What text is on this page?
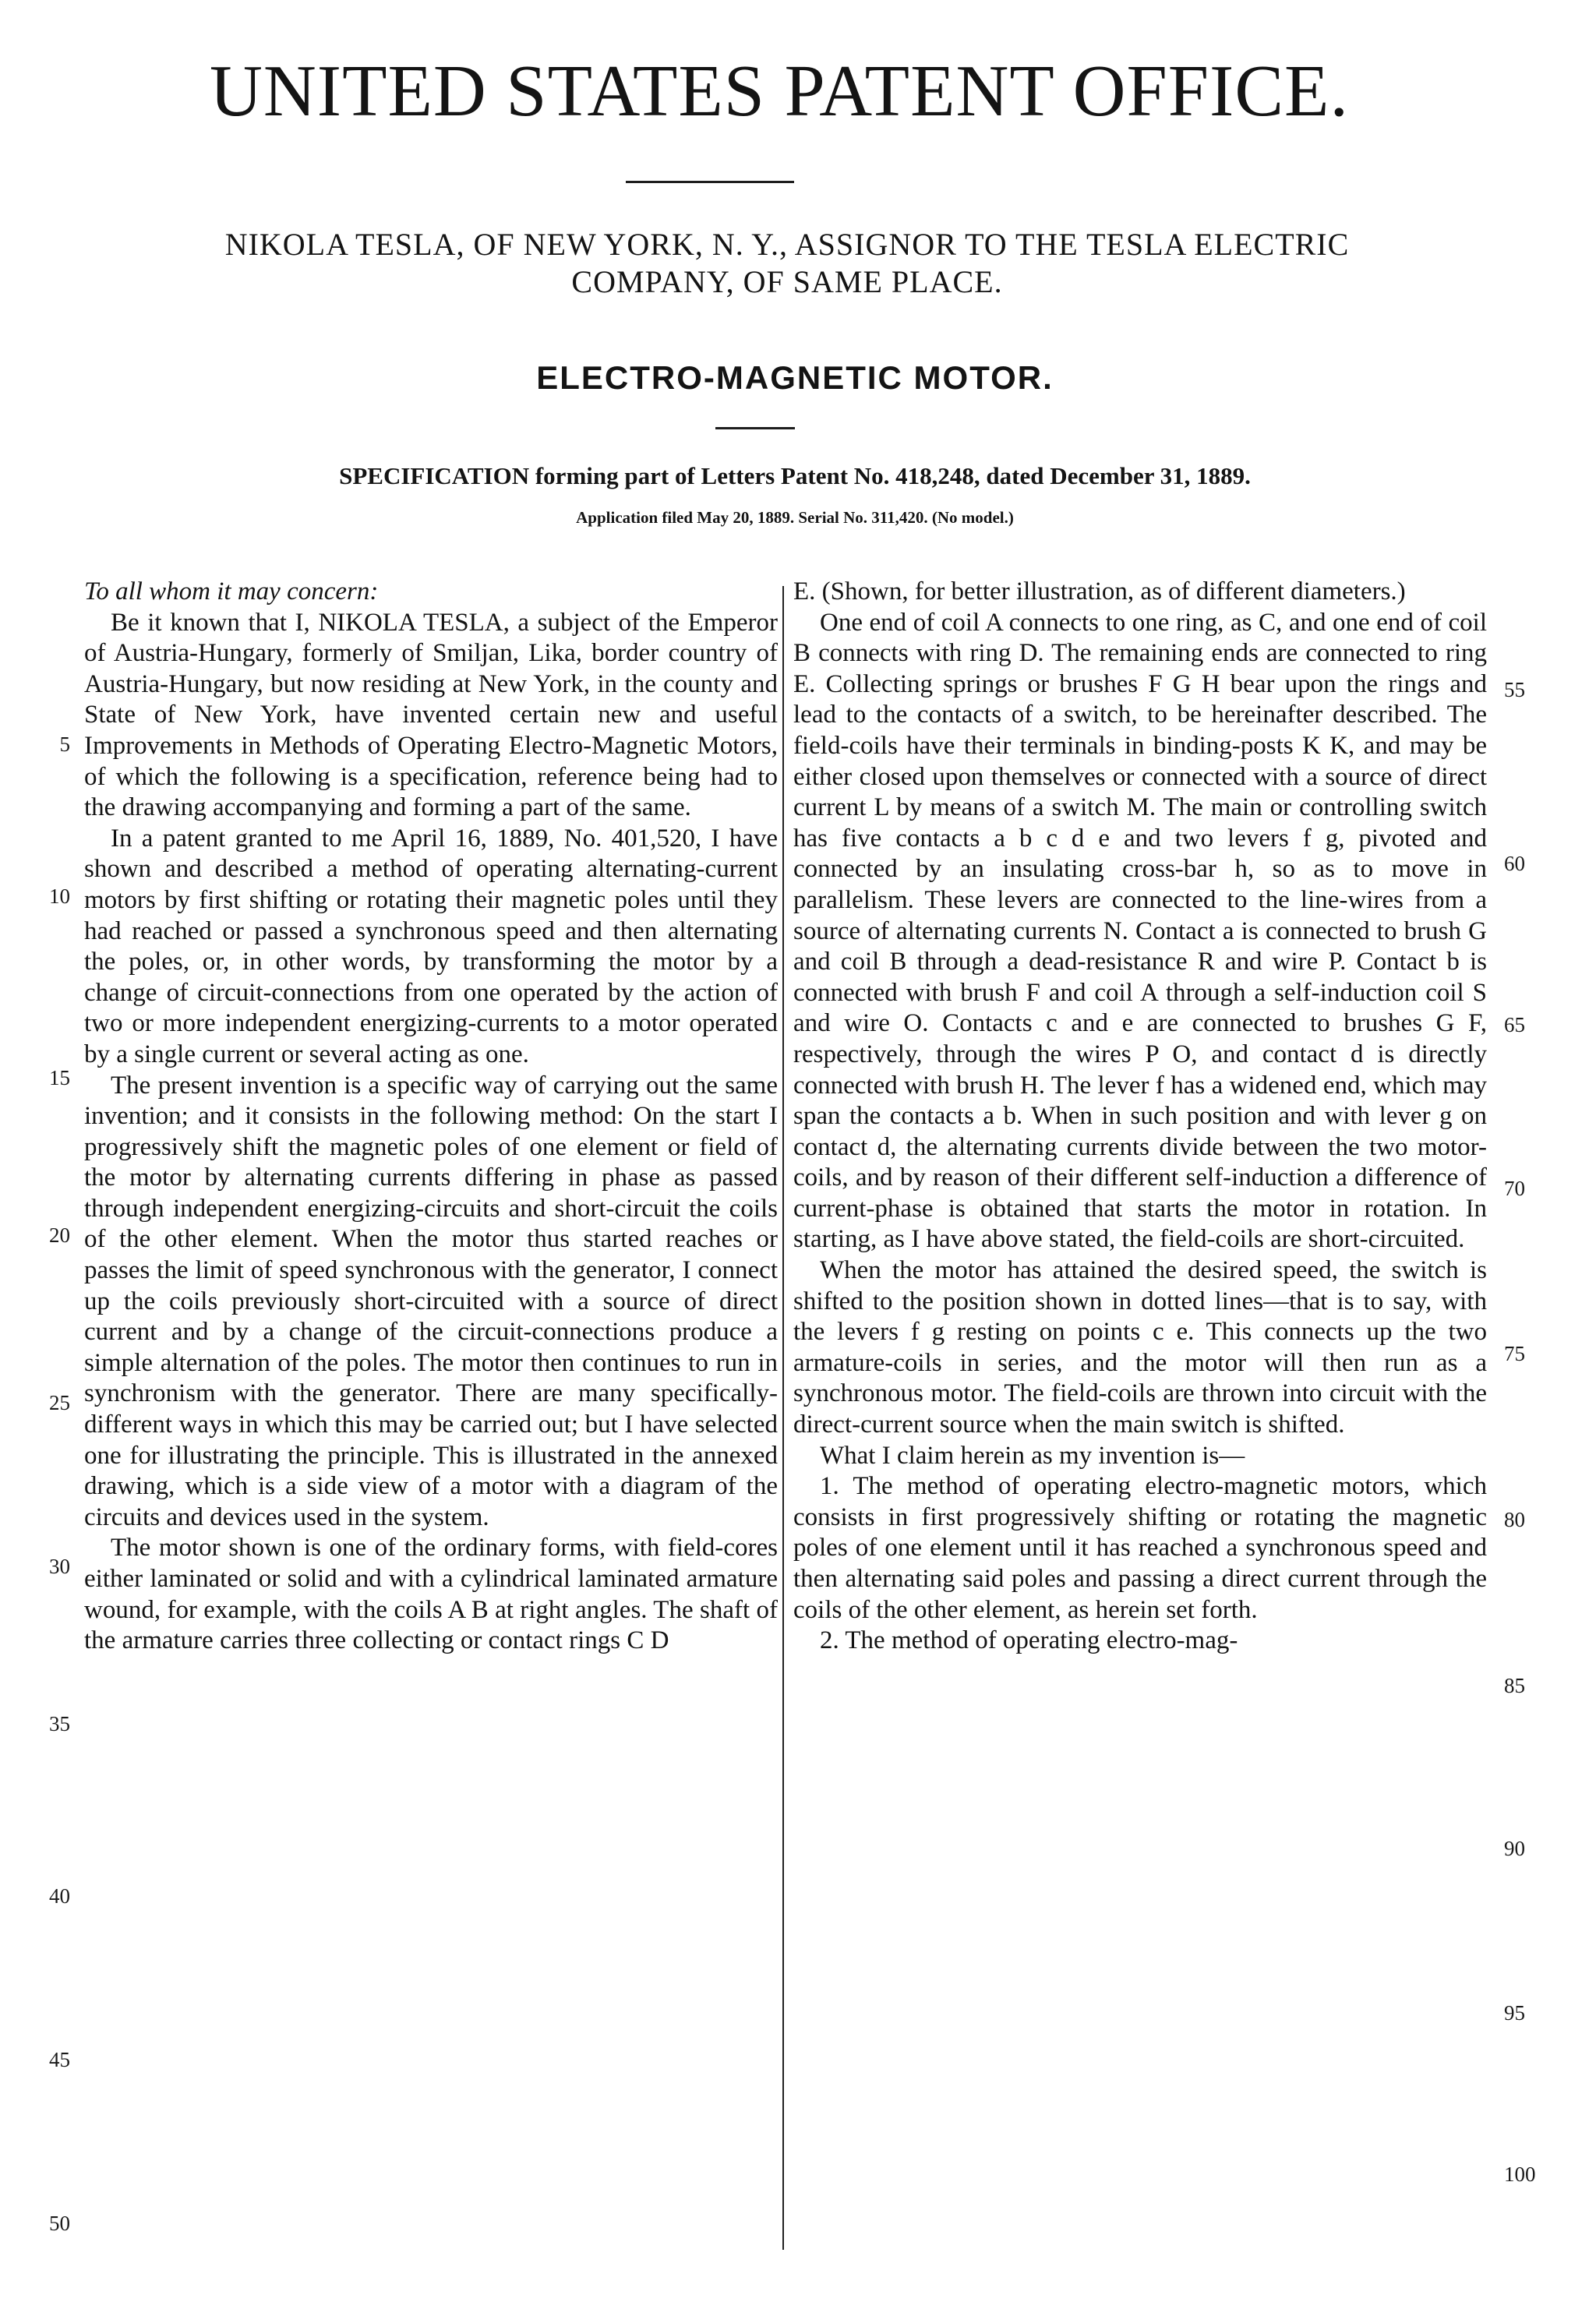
UNITED STATES PATENT OFFICE.
NIKOLA TESLA, OF NEW YORK, N. Y., ASSIGNOR TO THE TESLA ELECTRIC
COMPANY, OF SAME PLACE.
ELECTRO-MAGNETIC MOTOR.
SPECIFICATION forming part of Letters Patent No. 418,248, dated December 31, 1889.
Application filed May 20, 1889. Serial No. 311,420. (No model.)

To all whom it may concern:

Be it known that I, NIKOLA TESLA, a subject of the Emperor of Austria-Hungary, formerly of Smiljan, Lika, border country of Austria-Hungary, but now residing at New York, in the county and State of New York, have invented certain new and useful Improvements in Methods of Operating Electro-Magnetic Motors, of which the following is a specification, reference being had to the drawing accompanying and forming a part of the same.

In a patent granted to me April 16, 1889, No. 401,520, I have shown and described a method of operating alternating-current motors by first shifting or rotating their magnetic poles until they had reached or passed a synchronous speed and then alternating the poles, or, in other words, by transforming the motor by a change of circuit-connections from one operated by the action of two or more independent energizing-currents to a motor operated by a single current or several acting as one.

The present invention is a specific way of carrying out the same invention; and it consists in the following method: On the start I progressively shift the magnetic poles of one element or field of the motor by alternating currents differing in phase as passed through independent energizing-circuits and short-circuit the coils of the other element. When the motor thus started reaches or passes the limit of speed synchronous with the generator, I connect up the coils previously short-circuited with a source of direct current and by a change of the circuit-connections produce a simple alternation of the poles. The motor then continues to run in synchronism with the generator. There are many specifically-different ways in which this may be carried out; but I have selected one for illustrating the principle. This is illustrated in the annexed drawing, which is a side view of a motor with a diagram of the circuits and devices used in the system.

The motor shown is one of the ordinary forms, with field-cores either laminated or solid and with a cylindrical laminated armature wound, for example, with the coils A B at right angles. The shaft of the armature carries three collecting or contact rings C D

E. (Shown, for better illustration, as of different diameters.)

One end of coil A connects to one ring, as C, and one end of coil B connects with ring D. The remaining ends are connected to ring E. Collecting springs or brushes F G H bear upon the rings and lead to the contacts of a switch, to be hereinafter described. The field-coils have their terminals in binding-posts K K, and may be either closed upon themselves or connected with a source of direct current L by means of a switch M. The main or controlling switch has five contacts a b c d e and two levers f g, pivoted and connected by an insulating cross-bar h, so as to move in parallelism. These levers are connected to the line-wires from a source of alternating currents N. Contact a is connected to brush G and coil B through a dead-resistance R and wire P. Contact b is connected with brush F and coil A through a self-induction coil S and wire O. Contacts c and e are connected to brushes G F, respectively, through the wires P O, and contact d is directly connected with brush H. The lever f has a widened end, which may span the contacts a b. When in such position and with lever g on contact d, the alternating currents divide between the two motor-coils, and by reason of their different self-induction a difference of current-phase is obtained that starts the motor in rotation. In starting, as I have above stated, the field-coils are short-circuited.

When the motor has attained the desired speed, the switch is shifted to the position shown in dotted lines—that is to say, with the levers f g resting on points c e. This connects up the two armature-coils in series, and the motor will then run as a synchronous motor. The field-coils are thrown into circuit with the direct-current source when the main switch is shifted.

What I claim herein as my invention is—

1. The method of operating electro-magnetic motors, which consists in first progressively shifting or rotating the magnetic poles of one element until it has reached a synchronous speed and then alternating said poles and passing a direct current through the coils of the other element, as herein set forth.

2. The method of operating electro-mag-

5
10
15
20
25
30
35
40
45
50
55
60
65
70
75
80
85
90
95
100
